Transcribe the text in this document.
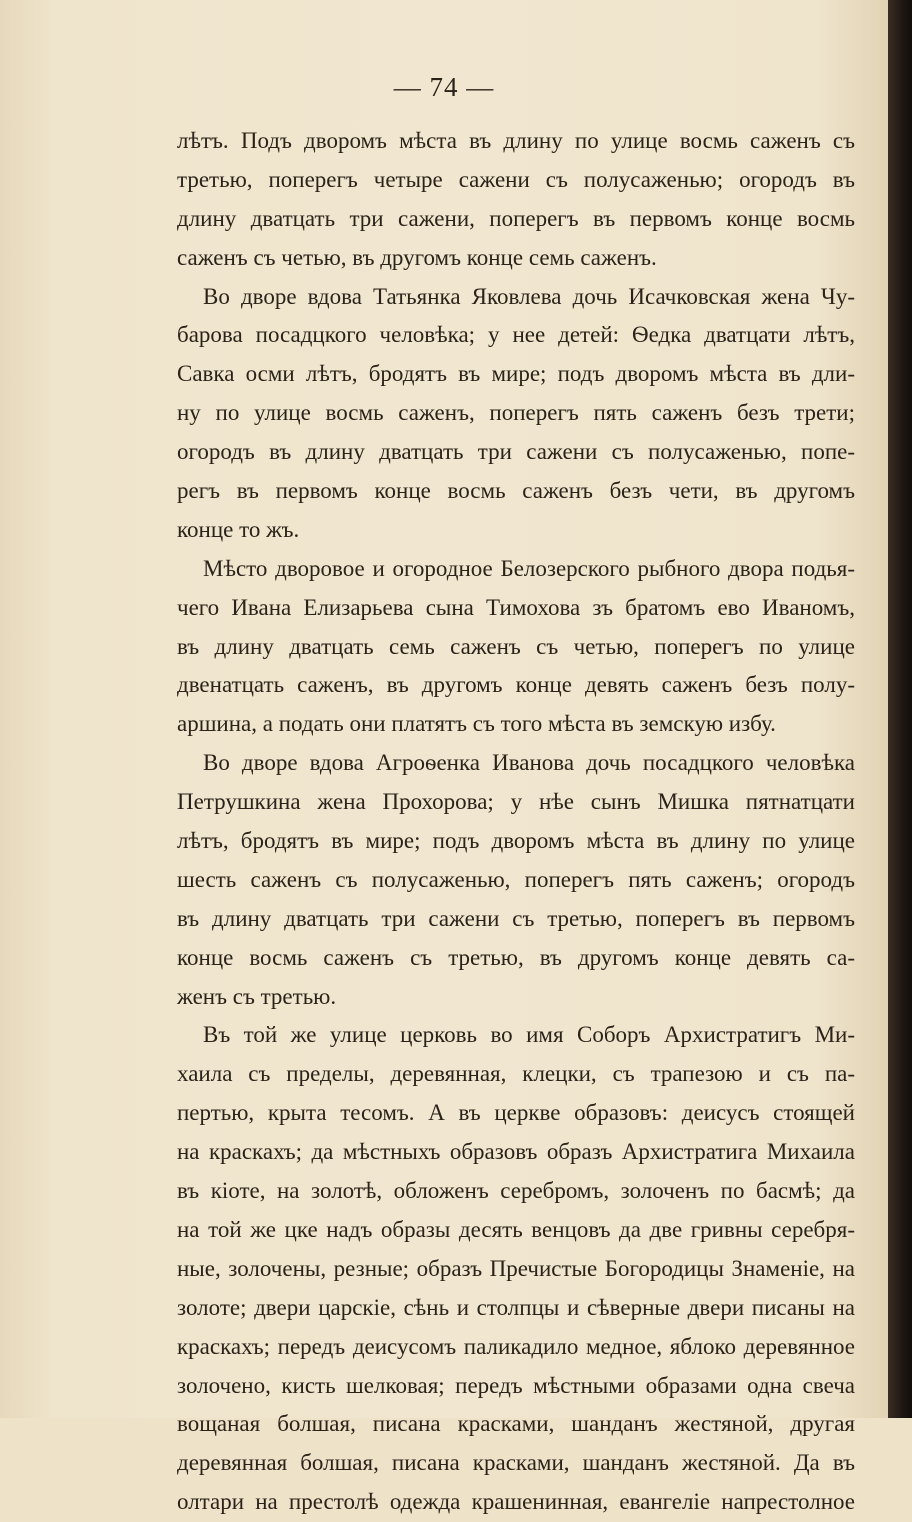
— 74 —
лѣтъ. Подъ дворомъ мѣста въ длину по улице восмь саженъ съ
третью, поперегъ четыре сажени съ полусаженью; огородъ въ
длину дватцать три сажени, поперегъ въ первомъ конце восмь
саженъ съ четью, въ другомъ конце семь саженъ.
Во дворе вдова Татьянка Яковлева дочь Исачковская жена Чу-
барова посадцкого человѣка; у нее детей: Ѳедка дватцати лѣтъ,
Савка осми лѣтъ, бродятъ въ мире; подъ дворомъ мѣста въ дли-
ну по улице восмь саженъ, поперегъ пять саженъ безъ трети;
огородъ въ длину дватцать три сажени съ полусаженью, попе-
регъ въ первомъ конце восмь саженъ безъ чети, въ другомъ
конце то жъ.
Мѣсто дворовое и огородное Белозерского рыбного двора подья-
чего Ивана Елизарьева сына Тимохова зъ братомъ ево Иваномъ,
въ длину дватцать семь саженъ съ четью, поперегъ по улице
двенатцать саженъ, въ другомъ конце девять саженъ безъ полу-
аршина, а подать они платятъ съ того мѣста въ земскую избу.
Во дворе вдова Агроѳенка Иванова дочь посадцкого человѣка
Петрушкина жена Прохорова; у нѣе сынъ Мишка пятнатцати
лѣтъ, бродятъ въ мире; подъ дворомъ мѣста въ длину по улице
шесть саженъ съ полусаженью, поперегъ пять саженъ; огородъ
въ длину дватцать три сажени съ третью, поперегъ въ первомъ
конце восмь саженъ съ третью, въ другомъ конце девять са-
женъ съ третью.
Въ той же улице церковь во имя Соборъ Архистратигъ Ми-
хаила съ пределы, деревянная, клецки, съ трапезою и съ па-
пертью, крыта тесомъ. А въ церкве образовъ: деисусъ стоящей
на краскахъ; да мѣстныхъ образовъ образъ Архистратига Михаила
въ кіоте, на золотѣ, обложенъ серебромъ, золоченъ по басмѣ; да
на той же цке надъ образы десять венцовъ да две гривны серебря-
ные, золочены, резные; образъ Пречистые Богородицы Знаменіе, на
золоте; двери царскіе, сѣнь и столпцы и сѣверные двери писаны на
краскахъ; передъ деисусомъ паликадило медное, яблоко деревянное
золочено, кисть шелковая; передъ мѣстными образами одна свеча
вощаная болшая, писана красками, шанданъ жестяной, другая
деревянная болшая, писана красками, шанданъ жестяной. Да въ
олтари на престолѣ одежда крашенинная, евангеліе напрестолное
